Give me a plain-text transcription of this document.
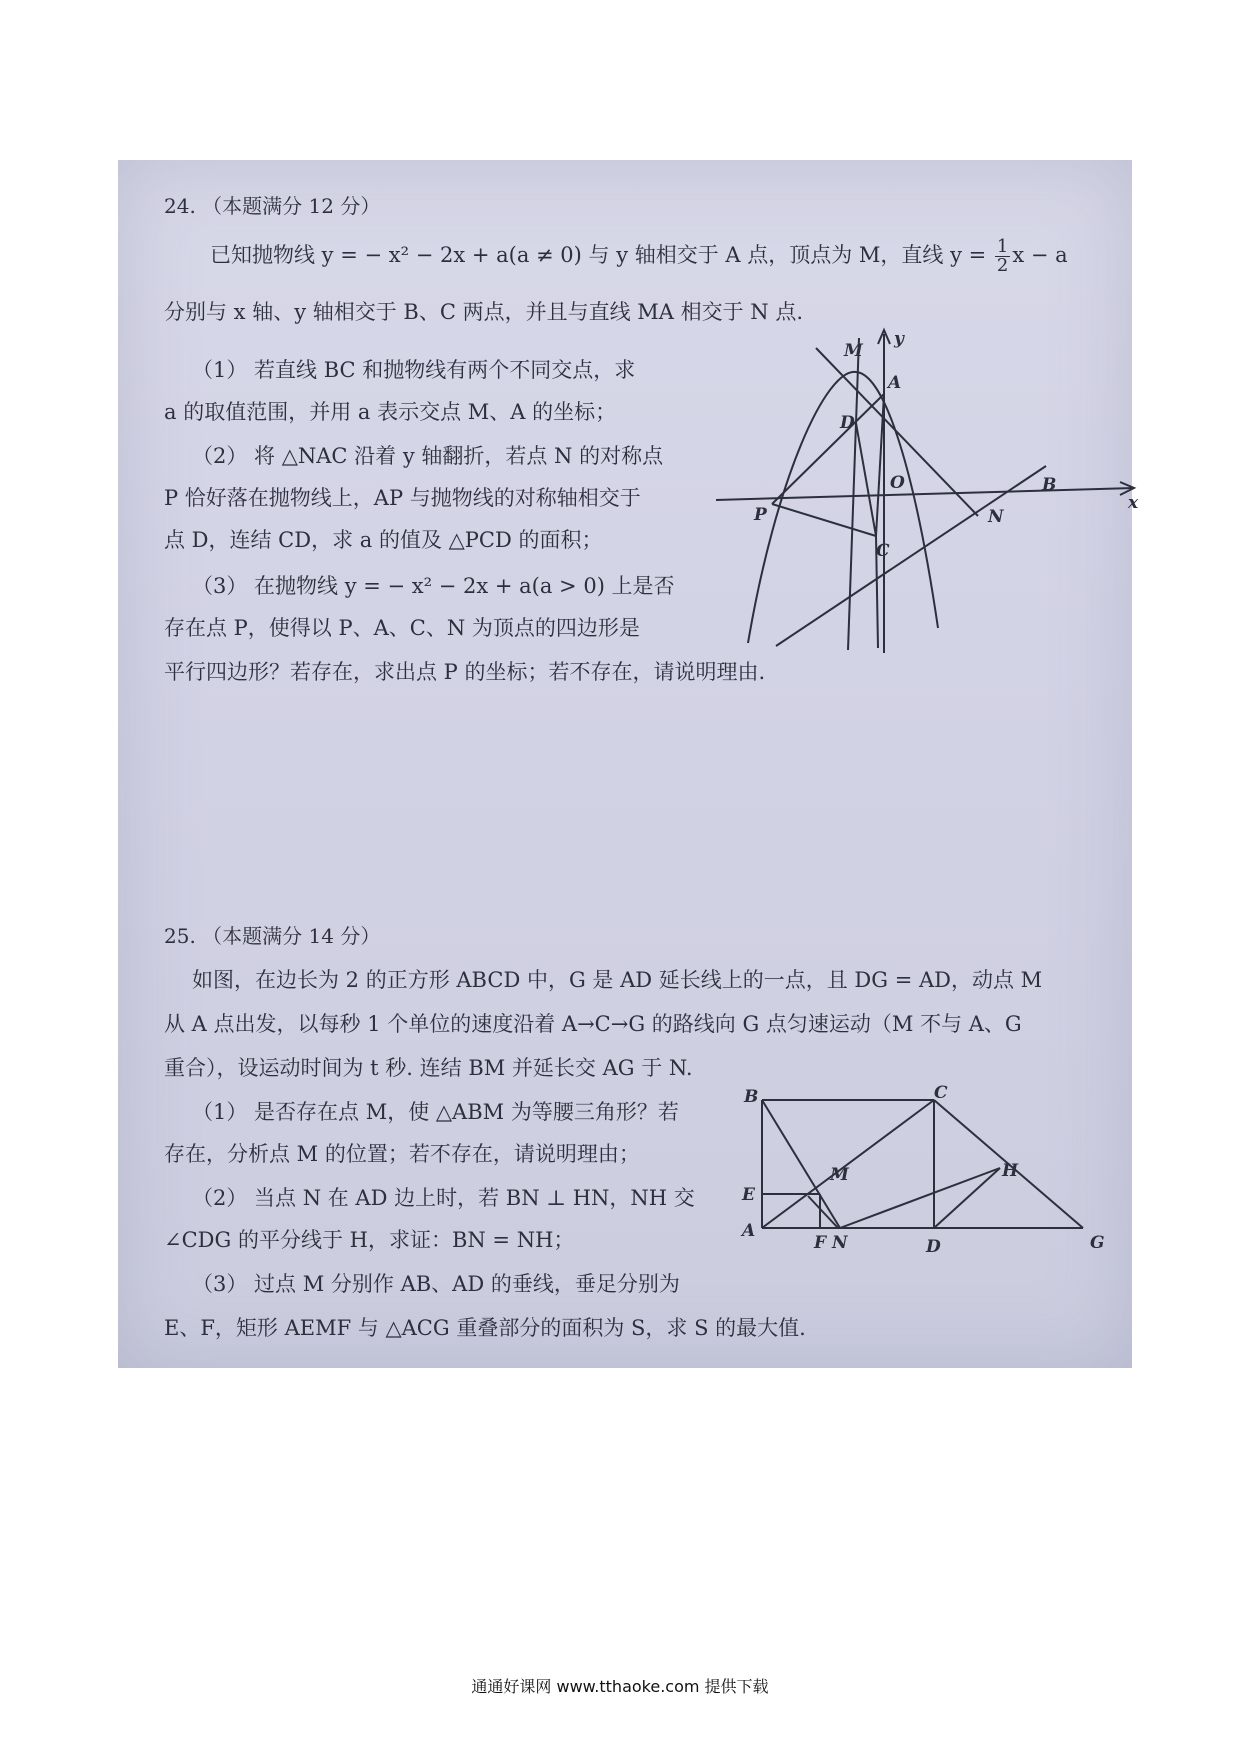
24. （本题满分 12 分）
已知抛物线 y = − x² − 2x + a(a ≠ 0) 与 y 轴相交于 A 点，顶点为 M，直线 $y = \frac{1}{2}$ x − a
分别与 x 轴、y 轴相交于 B、C 两点，并且与直线 MA 相交于 N 点.
（1） 若直线 BC 和抛物线有两个不同交点，求
a 的取值范围，并用 a 表示交点 M、A 的坐标；
（2） 将 △NAC 沿着 y 轴翻折，若点 N 的对称点
P 恰好落在抛物线上，AP 与抛物线的对称轴相交于
点 D，连结 CD，求 a 的值及 △PCD 的面积；
（3） 在抛物线 y = − x² − 2x + a(a > 0) 上是否
存在点 P，使得以 P、A、C、N 为顶点的四边形是
平行四边形？若存在，求出点 P 的坐标；若不存在，请说明理由.
y
x
M
A
D
O	B
P	N
C
25. （本题满分 14 分）
如图，在边长为 2 的正方形 ABCD 中，G 是 AD 延长线上的一点，且 DG = AD，动点 M
从 A 点出发，以每秒 1 个单位的速度沿着 A→C→G 的路线向 G 点匀速运动（M 不与 A、G
重合），设运动时间为 t 秒. 连结 BM 并延长交 AG 于 N.
（1） 是否存在点 M，使 △ABM 为等腰三角形？若
存在，分析点 M 的位置；若不存在，请说明理由；
（2） 当点 N 在 AD 边上时，若 BN ⊥ HN，NH 交
∠CDG 的平分线于 H，求证：BN = NH；
（3） 过点 M 分别作 AB、AD 的垂线，垂足分别为
E、F，矩形 AEMF 与 △ACG 重叠部分的面积为 S，求 S 的最大值.
B	C
M	H
E
A
F N	D	G
通通好课网 www.tthaoke.com 提供下载
